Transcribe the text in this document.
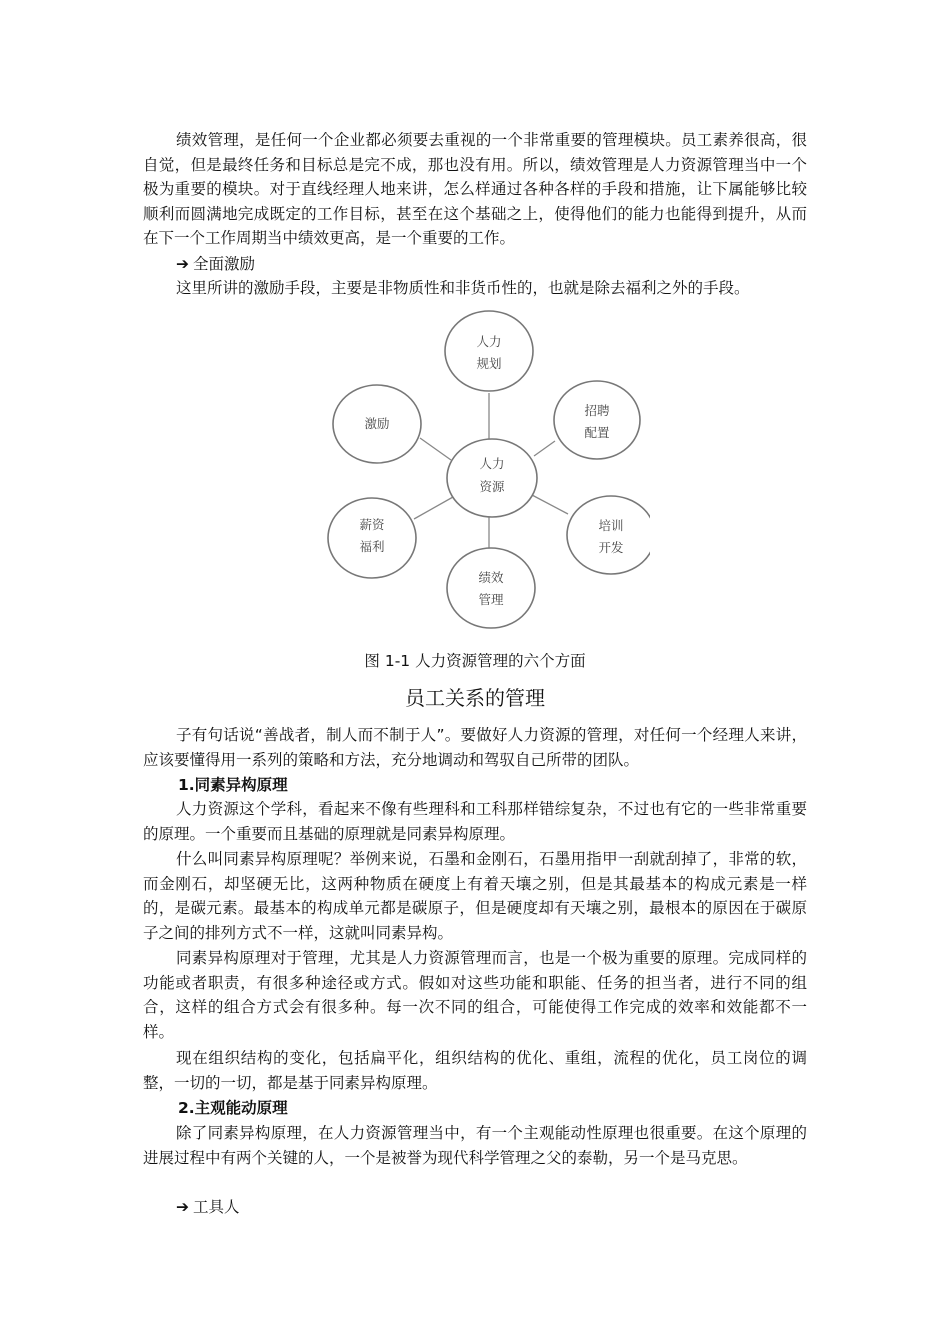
绩效管理，是任何一个企业都必须要去重视的一个非常重要的管理模块。员工素养很高，很自觉，但是最终任务和目标总是完不成，那也没有用。所以，绩效管理是人力资源管理当中一个极为重要的模块。对于直线经理人地来讲，怎么样通过各种各样的手段和措施，让下属能够比较顺利而圆满地完成既定的工作目标，甚至在这个基础之上，使得他们的能力也能得到提升，从而在下一个工作周期当中绩效更高，是一个重要的工作。

➔ 全面激励

这里所讲的激励手段，主要是非物质性和非货币性的，也就是除去福利之外的手段。

人力
规划
招聘
配置
培训
开发
绩效
管理
薪资
福利
激励
人力
资源

图 1-1 人力资源管理的六个方面

员工关系的管理

子有句话说“善战者，制人而不制于人”。要做好人力资源的管理，对任何一个经理人来讲，应该要懂得用一系列的策略和方法，充分地调动和驾驭自己所带的团队。

1.同素异构原理

人力资源这个学科，看起来不像有些理科和工科那样错综复杂，不过也有它的一些非常重要的原理。一个重要而且基础的原理就是同素异构原理。

什么叫同素异构原理呢？举例来说，石墨和金刚石，石墨用指甲一刮就刮掉了，非常的软，而金刚石，却坚硬无比，这两种物质在硬度上有着天壤之别，但是其最基本的构成元素是一样的，是碳元素。最基本的构成单元都是碳原子，但是硬度却有天壤之别，最根本的原因在于碳原子之间的排列方式不一样，这就叫同素异构。

同素异构原理对于管理，尤其是人力资源管理而言，也是一个极为重要的原理。完成同样的功能或者职责，有很多种途径或方式。假如对这些功能和职能、任务的担当者，进行不同的组合，这样的组合方式会有很多种。每一次不同的组合，可能使得工作完成的效率和效能都不一样。

现在组织结构的变化，包括扁平化，组织结构的优化、重组，流程的优化，员工岗位的调整，一切的一切，都是基于同素异构原理。

2.主观能动原理

除了同素异构原理，在人力资源管理当中，有一个主观能动性原理也很重要。在这个原理的进展过程中有两个关键的人，一个是被誉为现代科学管理之父的泰勒，另一个是马克思。

➔ 工具人
